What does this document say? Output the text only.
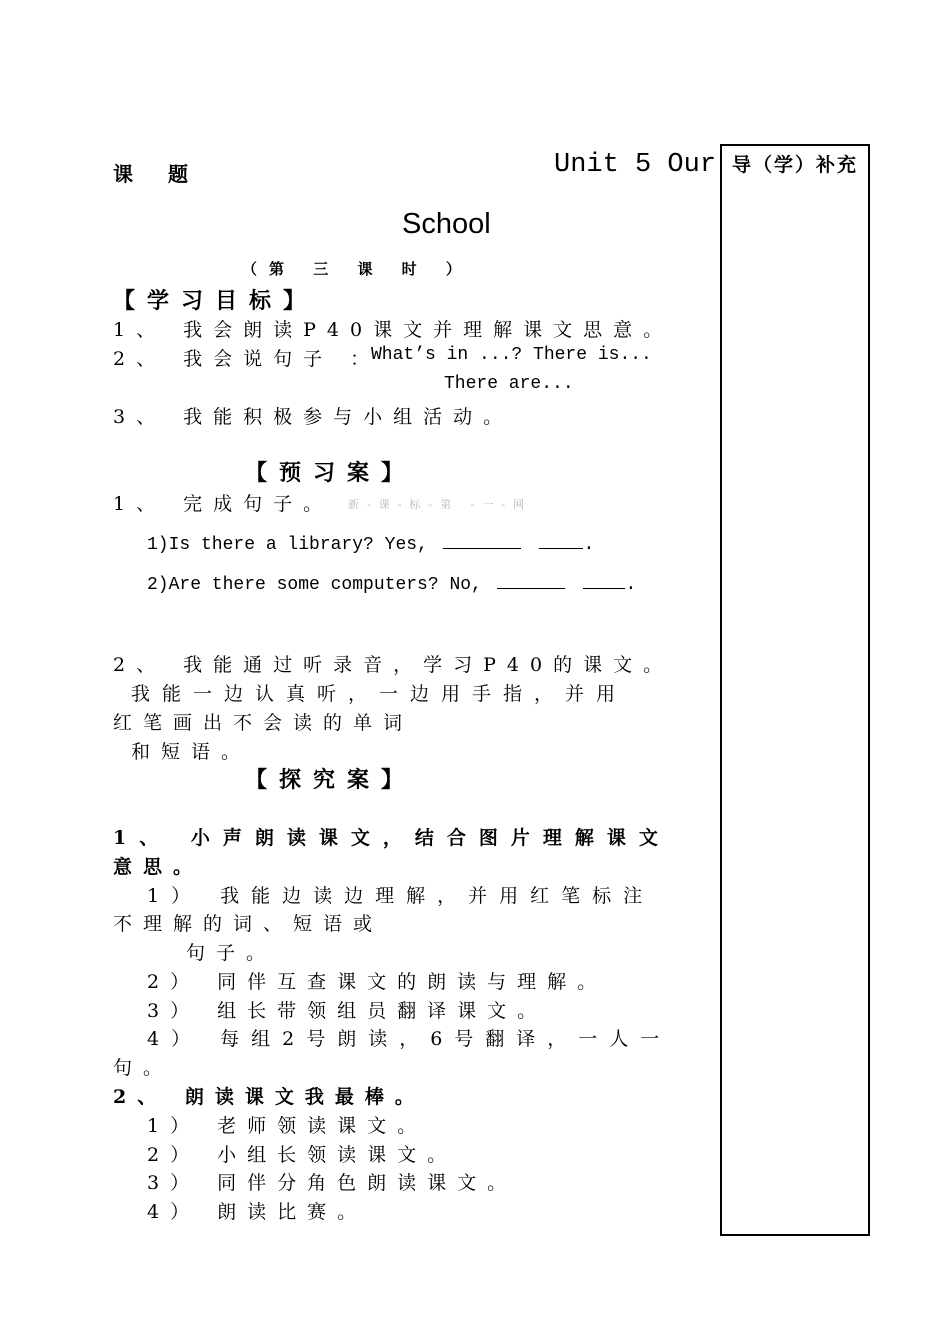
课 题	Unit 5 Our
School
（第 三 课 时 ）
导（学）补充
【学习目标】
1、 我会朗读P40课文并理解课文思意。
2、 我会说句子 ：
What’s in ...? There is...
There are...
3、 我能积极参与小组活动。
【预习案】
1、 完成句子。 新-课-标-第 -一-网
1)Is there a library? Yes,	.
2)Are there some computers? No,	.
2、 我能通过听录音，学习P40的课文。
我能一边认真听，一边用手指，并用
红笔画出不会读的单词
和短语。
【探究案】
1、 小声朗读课文，结合图片理解课文
意思。
1） 我能边读边理解，并用红笔标注
不理解的词、短语或
句子。
2） 同伴互查课文的朗读与理解。
3） 组长带领组员翻译课文。
4） 每组2号朗读，6号翻译，一人一
句。
2、 朗读课文我最棒。
1） 老师领读课文。
2） 小组长领读课文。
3） 同伴分角色朗读课文。
4） 朗读比赛。
